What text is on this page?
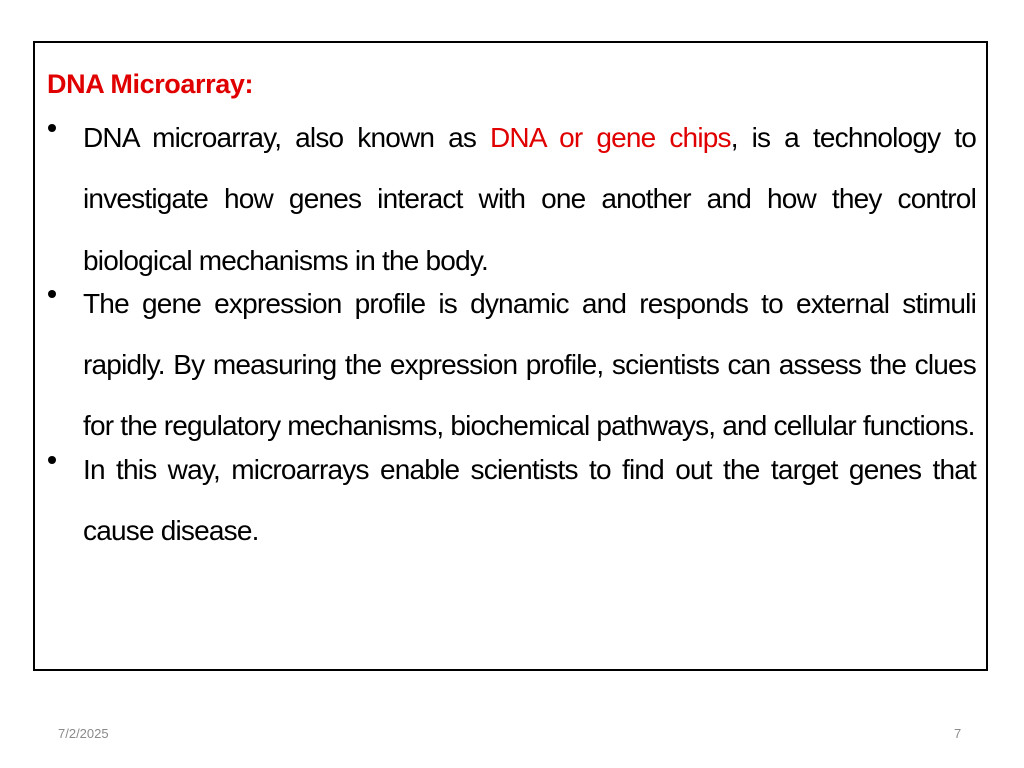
DNA Microarray:
DNA microarray, also known as DNA or gene chips, is a technology to investigate how genes interact with one another and how they control biological mechanisms in the body.
The gene expression profile is dynamic and responds to external stimuli rapidly. By measuring the expression profile, scientists can assess the clues for the regulatory mechanisms, biochemical pathways, and cellular functions.
In this way, microarrays enable scientists to find out the target genes that cause disease.
7/2/2025	7
